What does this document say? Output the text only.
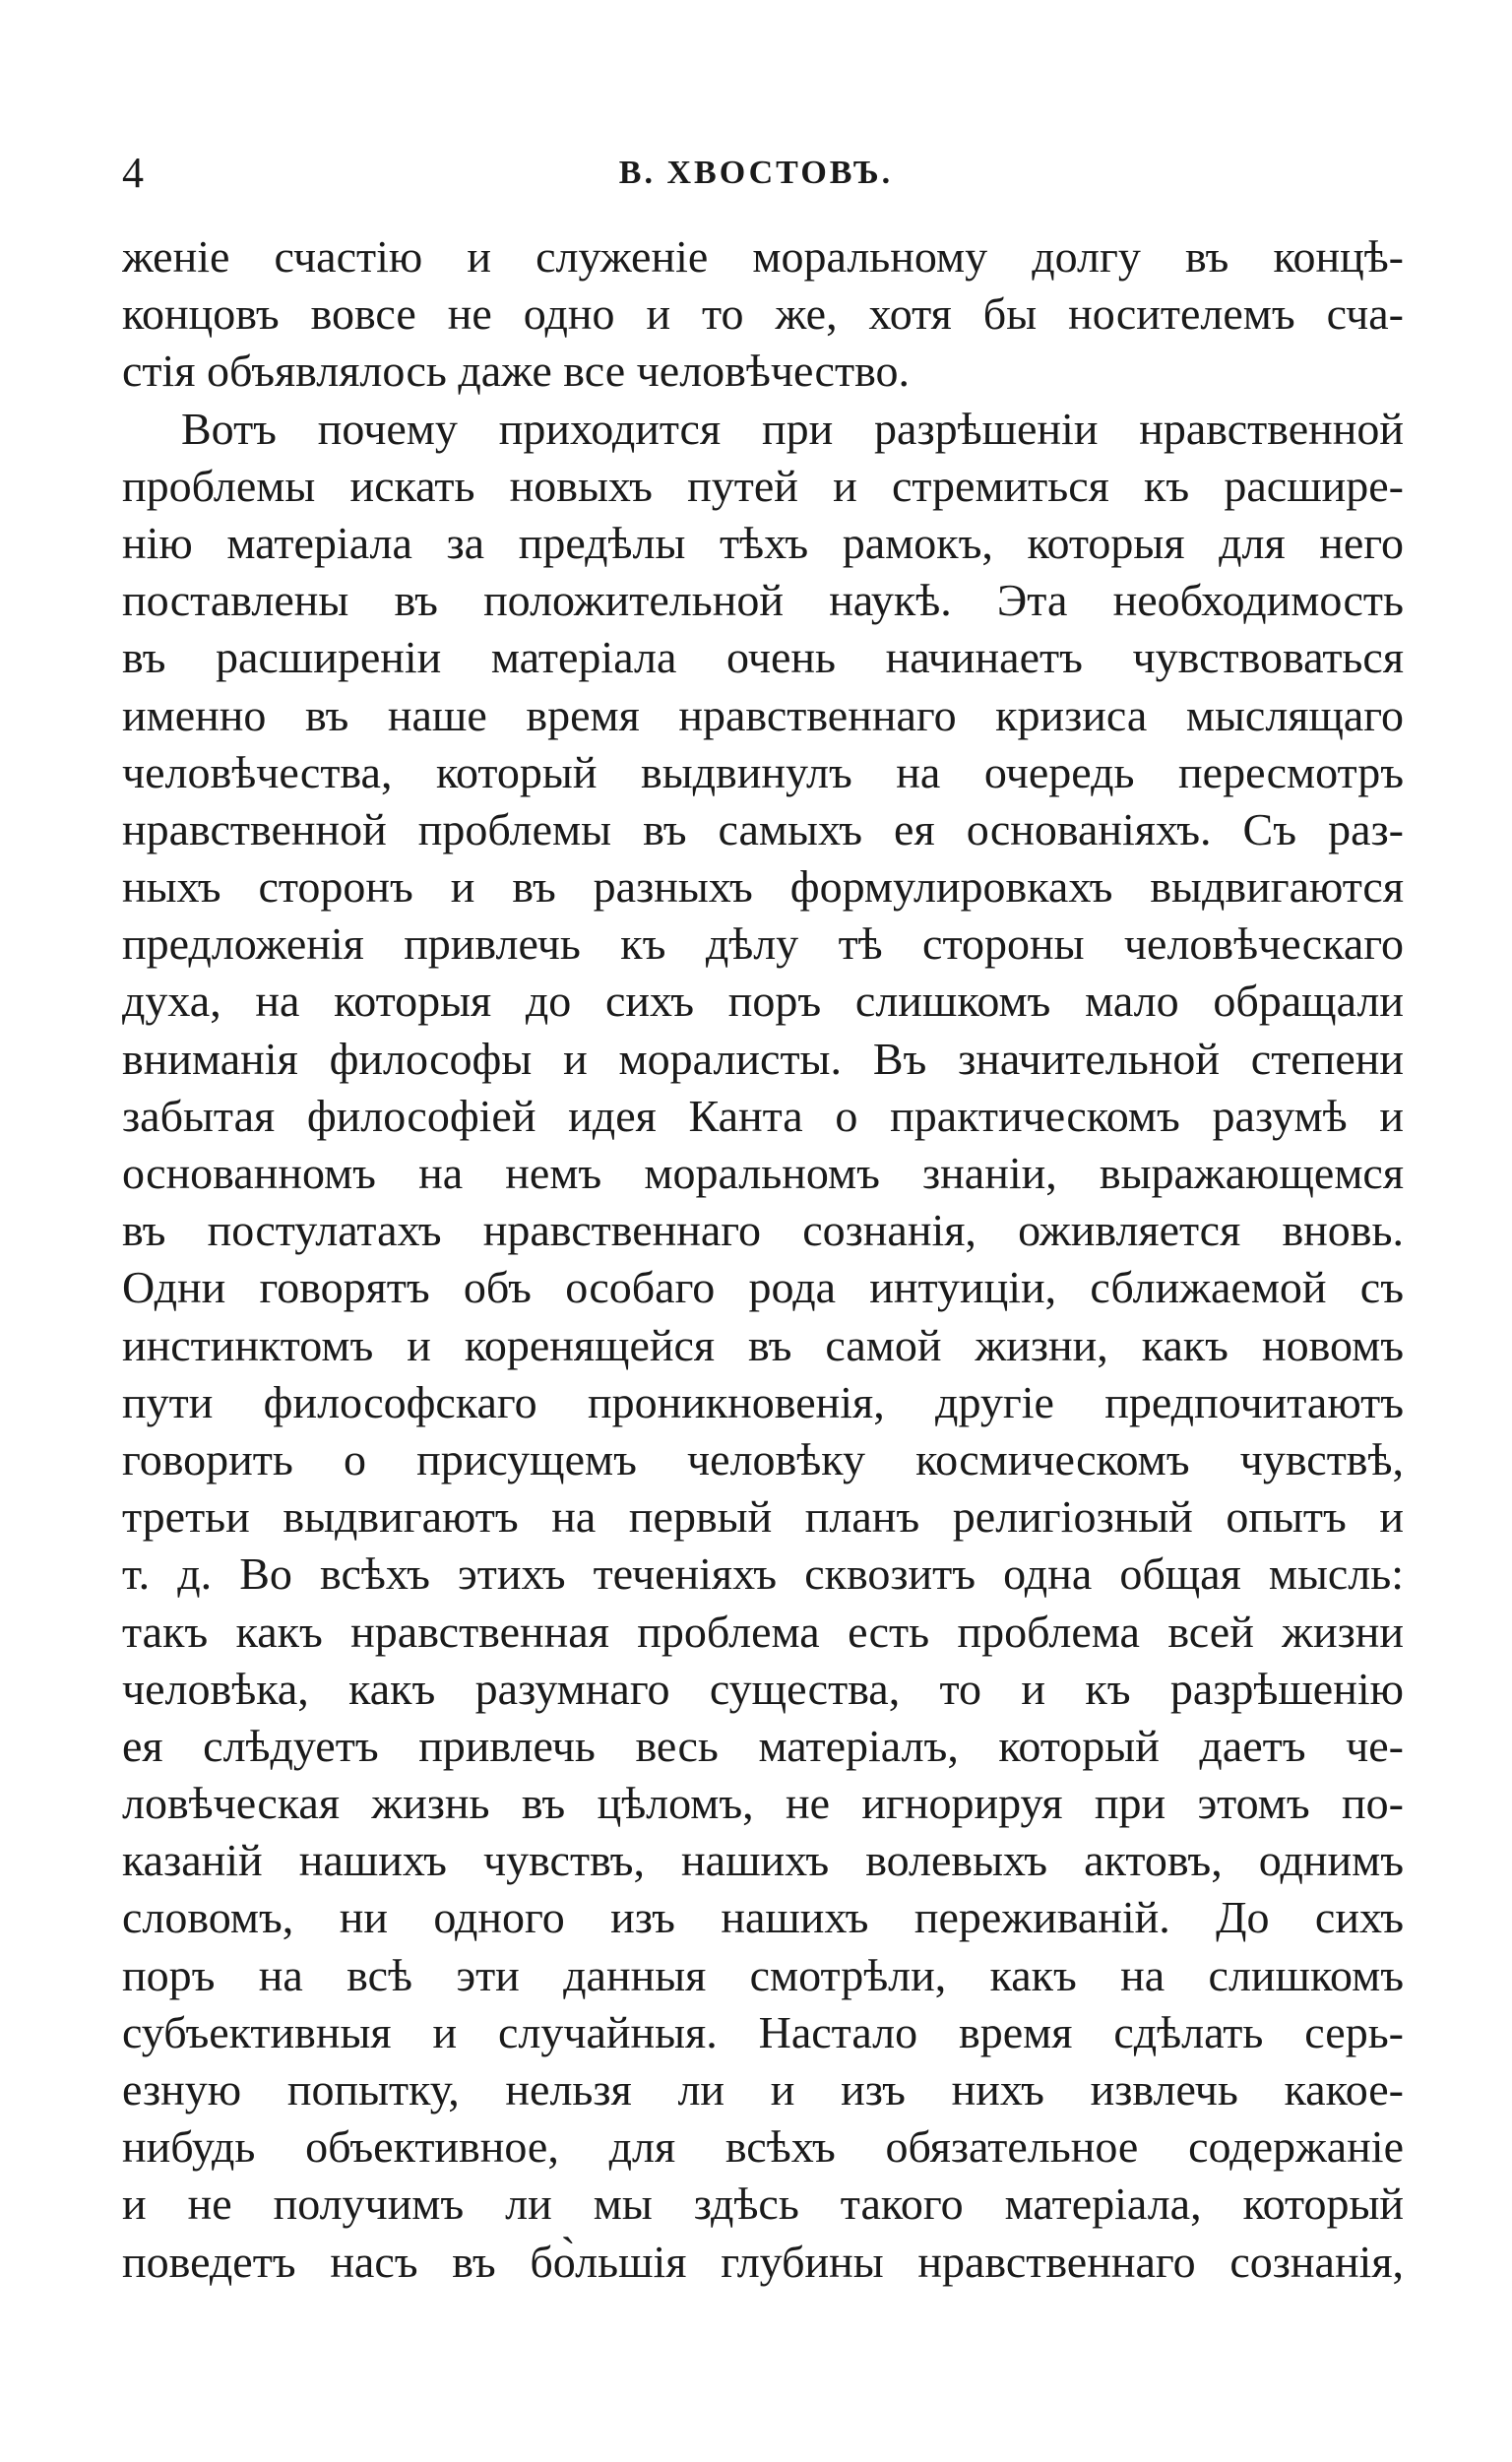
4	В. ХВОСТОВЪ.
женіе счастію и служеніе моральному долгу въ концѣ-
концовъ вовсе не одно и то же, хотя бы носителемъ сча-
стія объявлялось даже все человѣчество.
Вотъ почему приходится при разрѣшеніи нравственной
проблемы искать новыхъ путей и стремиться къ расшире-
нію матеріала за предѣлы тѣхъ рамокъ, которыя для него
поставлены въ положительной наукѣ. Эта необходимость
въ расширеніи матеріала очень начинаетъ чувствоваться
именно въ наше время нравственнаго кризиса мыслящаго
человѣчества, который выдвинулъ на очередь пересмотръ
нравственной проблемы въ самыхъ ея основаніяхъ. Съ раз-
ныхъ сторонъ и въ разныхъ формулировкахъ выдвигаются
предложенія привлечь къ дѣлу тѣ стороны человѣческаго
духа, на которыя до сихъ поръ слишкомъ мало обращали
вниманія философы и моралисты. Въ значительной степени
забытая философіей идея Канта о практическомъ разумѣ и
основанномъ на немъ моральномъ знаніи, выражающемся
въ постулатахъ нравственнаго сознанія, оживляется вновь.
Одни говорятъ объ особаго рода интуиціи, сближаемой съ
инстинктомъ и коренящейся въ самой жизни, какъ новомъ
пути философскаго проникновенія, другіе предпочитаютъ
говорить о присущемъ человѣку космическомъ чувствѣ,
третьи выдвигаютъ на первый планъ религіозный опытъ и
т. д. Во всѣхъ этихъ теченіяхъ сквозитъ одна общая мысль:
такъ какъ нравственная проблема есть проблема всей жизни
человѣка, какъ разумнаго существа, то и къ разрѣшенію
ея слѣдуетъ привлечь весь матеріалъ, который даетъ че-
ловѣческая жизнь въ цѣломъ, не игнорируя при этомъ по-
казаній нашихъ чувствъ, нашихъ волевыхъ актовъ, однимъ
словомъ, ни одного изъ нашихъ переживаній. До сихъ
поръ на всѣ эти данныя смотрѣли, какъ на слишкомъ
субъективныя и случайныя. Настало время сдѣлать серь-
езную попытку, нельзя ли и изъ нихъ извлечь какое-
нибудь объективное, для всѣхъ обязательное содержаніе
и не получимъ ли мы здѣсь такого матеріала, который
поведетъ насъ въ бо̀льшія глубины нравственнаго сознанія,
